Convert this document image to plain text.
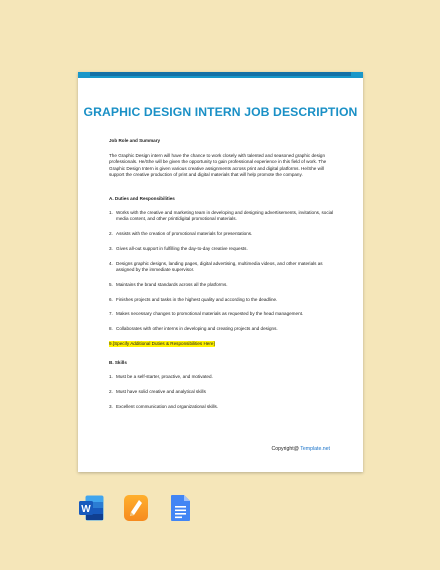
GRAPHIC DESIGN INTERN JOB DESCRIPTION

Job Role and Summary

The Graphic Design intern will have the chance to work closely with talented and seasoned graphic design professionals. He/She will be given the opportunity to gain professional experience in this field of work. The Graphic Design Intern is given various creative assignments across print and digital platforms. He/She will support the creative production of print and digital materials that will help promote the company.

A. Duties and Responsibilities

1. Works with the creative and marketing team in developing and designing advertisements, invitations, social media content, and other print/digital promotional materials.
2. Assists with the creation of promotional materials for presentations.
3. Gives all-out support in fulfilling the day-to-day creative requests.
4. Designs graphic designs, landing pages, digital advertising, multimedia videos, and other materials as assigned by the immediate supervisor.
5. Maintains the brand standards across all the platforms.
6. Finishes projects and tasks in the highest quality and according to the deadline.
7. Makes necessary changes to promotional materials as requested by the head management.
8. Collaborates with other interns in developing and creating projects and designs.
9. [Specify Additional Duties & Responsibilities Here]

B. Skills

1. Must be a self-starter, proactive, and motivated.
2. Must have solid creative and analytical skills
3. Excellent communication and organizational skills.
Copyright@ Template.net
W
